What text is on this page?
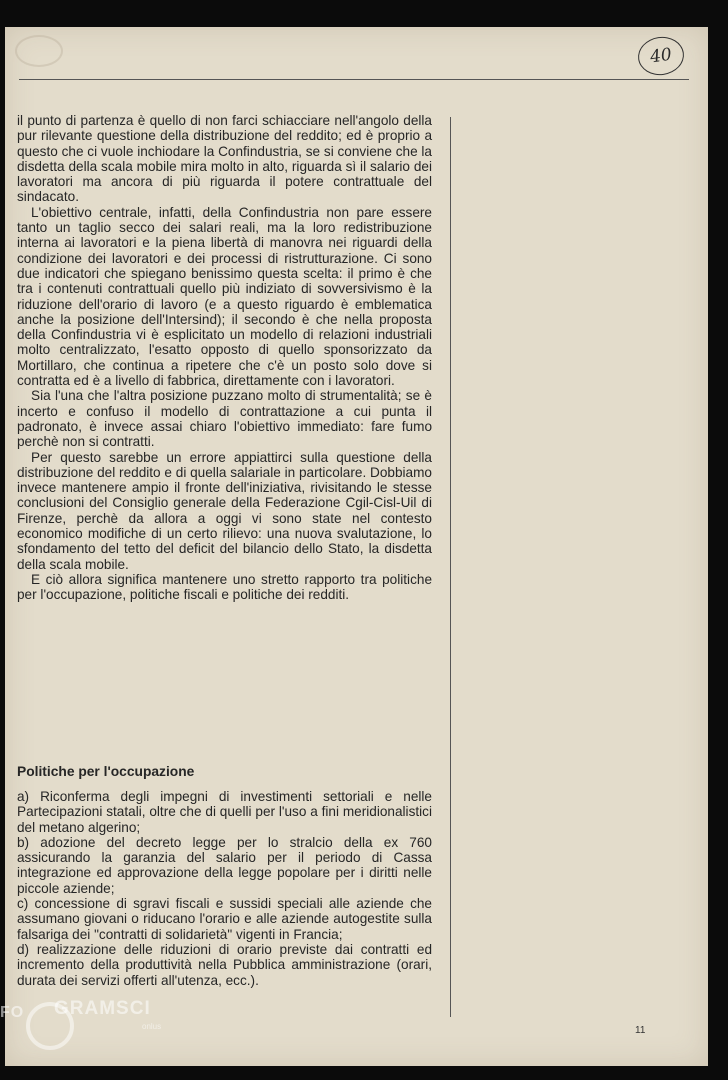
40

il punto di partenza è quello di non farci schiacciare nell'angolo della pur rilevante questione della distribuzione del reddito; ed è proprio a questo che ci vuole inchiodare la Confindustria, se si conviene che la disdetta della scala mobile mira molto in alto, riguarda sì il salario dei lavoratori ma ancora di più riguarda il potere contrattuale del sindacato.

L'obiettivo centrale, infatti, della Confindustria non pare essere tanto un taglio secco dei salari reali, ma la loro redistribuzione interna ai lavoratori e la piena libertà di manovra nei riguardi della condizione dei lavoratori e dei processi di ristrutturazione. Ci sono due indicatori che spiegano benissimo questa scelta: il primo è che tra i contenuti contrattuali quello più indiziato di sovversivismo è la riduzione dell'orario di lavoro (e a questo riguardo è emblematica anche la posizione dell'Intersind); il secondo è che nella proposta della Confindustria vi è esplicitato un modello di relazioni industriali molto centralizzato, l'esatto opposto di quello sponsorizzato da Mortillaro, che continua a ripetere che c'è un posto solo dove si contratta ed è a livello di fabbrica, direttamente con i lavoratori.

Sia l'una che l'altra posizione puzzano molto di strumentalità; se è incerto e confuso il modello di contrattazione a cui punta il padronato, è invece assai chiaro l'obiettivo immediato: fare fumo perchè non si contratti.

Per questo sarebbe un errore appiattirci sulla questione della distribuzione del reddito e di quella salariale in particolare. Dobbiamo invece mantenere ampio il fronte dell'iniziativa, rivisitando le stesse conclusioni del Consiglio generale della Federazione Cgil-Cisl-Uil di Firenze, perchè da allora a oggi vi sono state nel contesto economico modifiche di un certo rilievo: una nuova svalutazione, lo sfondamento del tetto del deficit del bilancio dello Stato, la disdetta della scala mobile.

E ciò allora significa mantenere uno stretto rapporto tra politiche per l'occupazione, politiche fiscali e politiche dei redditi.

Politiche per l'occupazione

a) Riconferma degli impegni di investimenti settoriali e nelle Partecipazioni statali, oltre che di quelli per l'uso a fini meridionalistici del metano algerino;

b) adozione del decreto legge per lo stralcio della ex 760 assicurando la garanzia del salario per il periodo di Cassa integrazione ed approvazione della legge popolare per i diritti nelle piccole aziende;

c) concessione di sgravi fiscali e sussidi speciali alle aziende che assumano giovani o riducano l'orario e alle aziende autogestite sulla falsariga dei "contratti di solidarietà" vigenti in Francia;

d) realizzazione delle riduzioni di orario previste dai contratti ed incremento della produttività nella Pubblica amministrazione (orari, durata dei servizi offerti all'utenza, ecc.).

11
FO GRAMSCI
onlus
